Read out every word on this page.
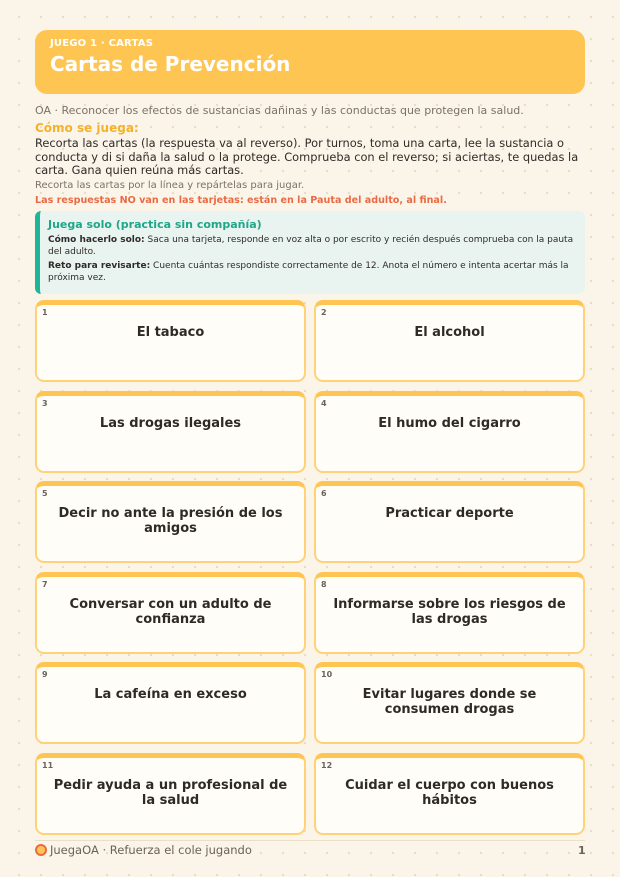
JUEGO 1 · CARTAS
Cartas de Prevención
OA · Reconocer los efectos de sustancias dañinas y las conductas que protegen la salud.
Cómo se juega:
Recorta las cartas (la respuesta va al reverso). Por turnos, toma una carta, lee la sustancia o conducta y di si daña la salud o la protege. Comprueba con el reverso; si aciertas, te quedas la carta. Gana quien reúna más cartas.
Recorta las cartas por la línea y repártelas para jugar.
Las respuestas NO van en las tarjetas: están en la Pauta del adulto, al final.
Juega solo (practica sin compañía)
Cómo hacerlo solo: Saca una tarjeta, responde en voz alta o por escrito y recién después comprueba con la pauta del adulto.
Reto para revisarte: Cuenta cuántas respondiste correctamente de 12. Anota el número e intenta acertar más la próxima vez.
1
El tabaco
2
El alcohol
3
Las drogas ilegales
4
El humo del cigarro
5
Decir no ante la presión de los amigos
6
Practicar deporte
7
Conversar con un adulto de confianza
8
Informarse sobre los riesgos de las drogas
9
La cafeína en exceso
10
Evitar lugares donde se consumen drogas
11
Pedir ayuda a un profesional de la salud
12
Cuidar el cuerpo con buenos hábitos
JuegaOA · Refuerza el cole jugando	1
